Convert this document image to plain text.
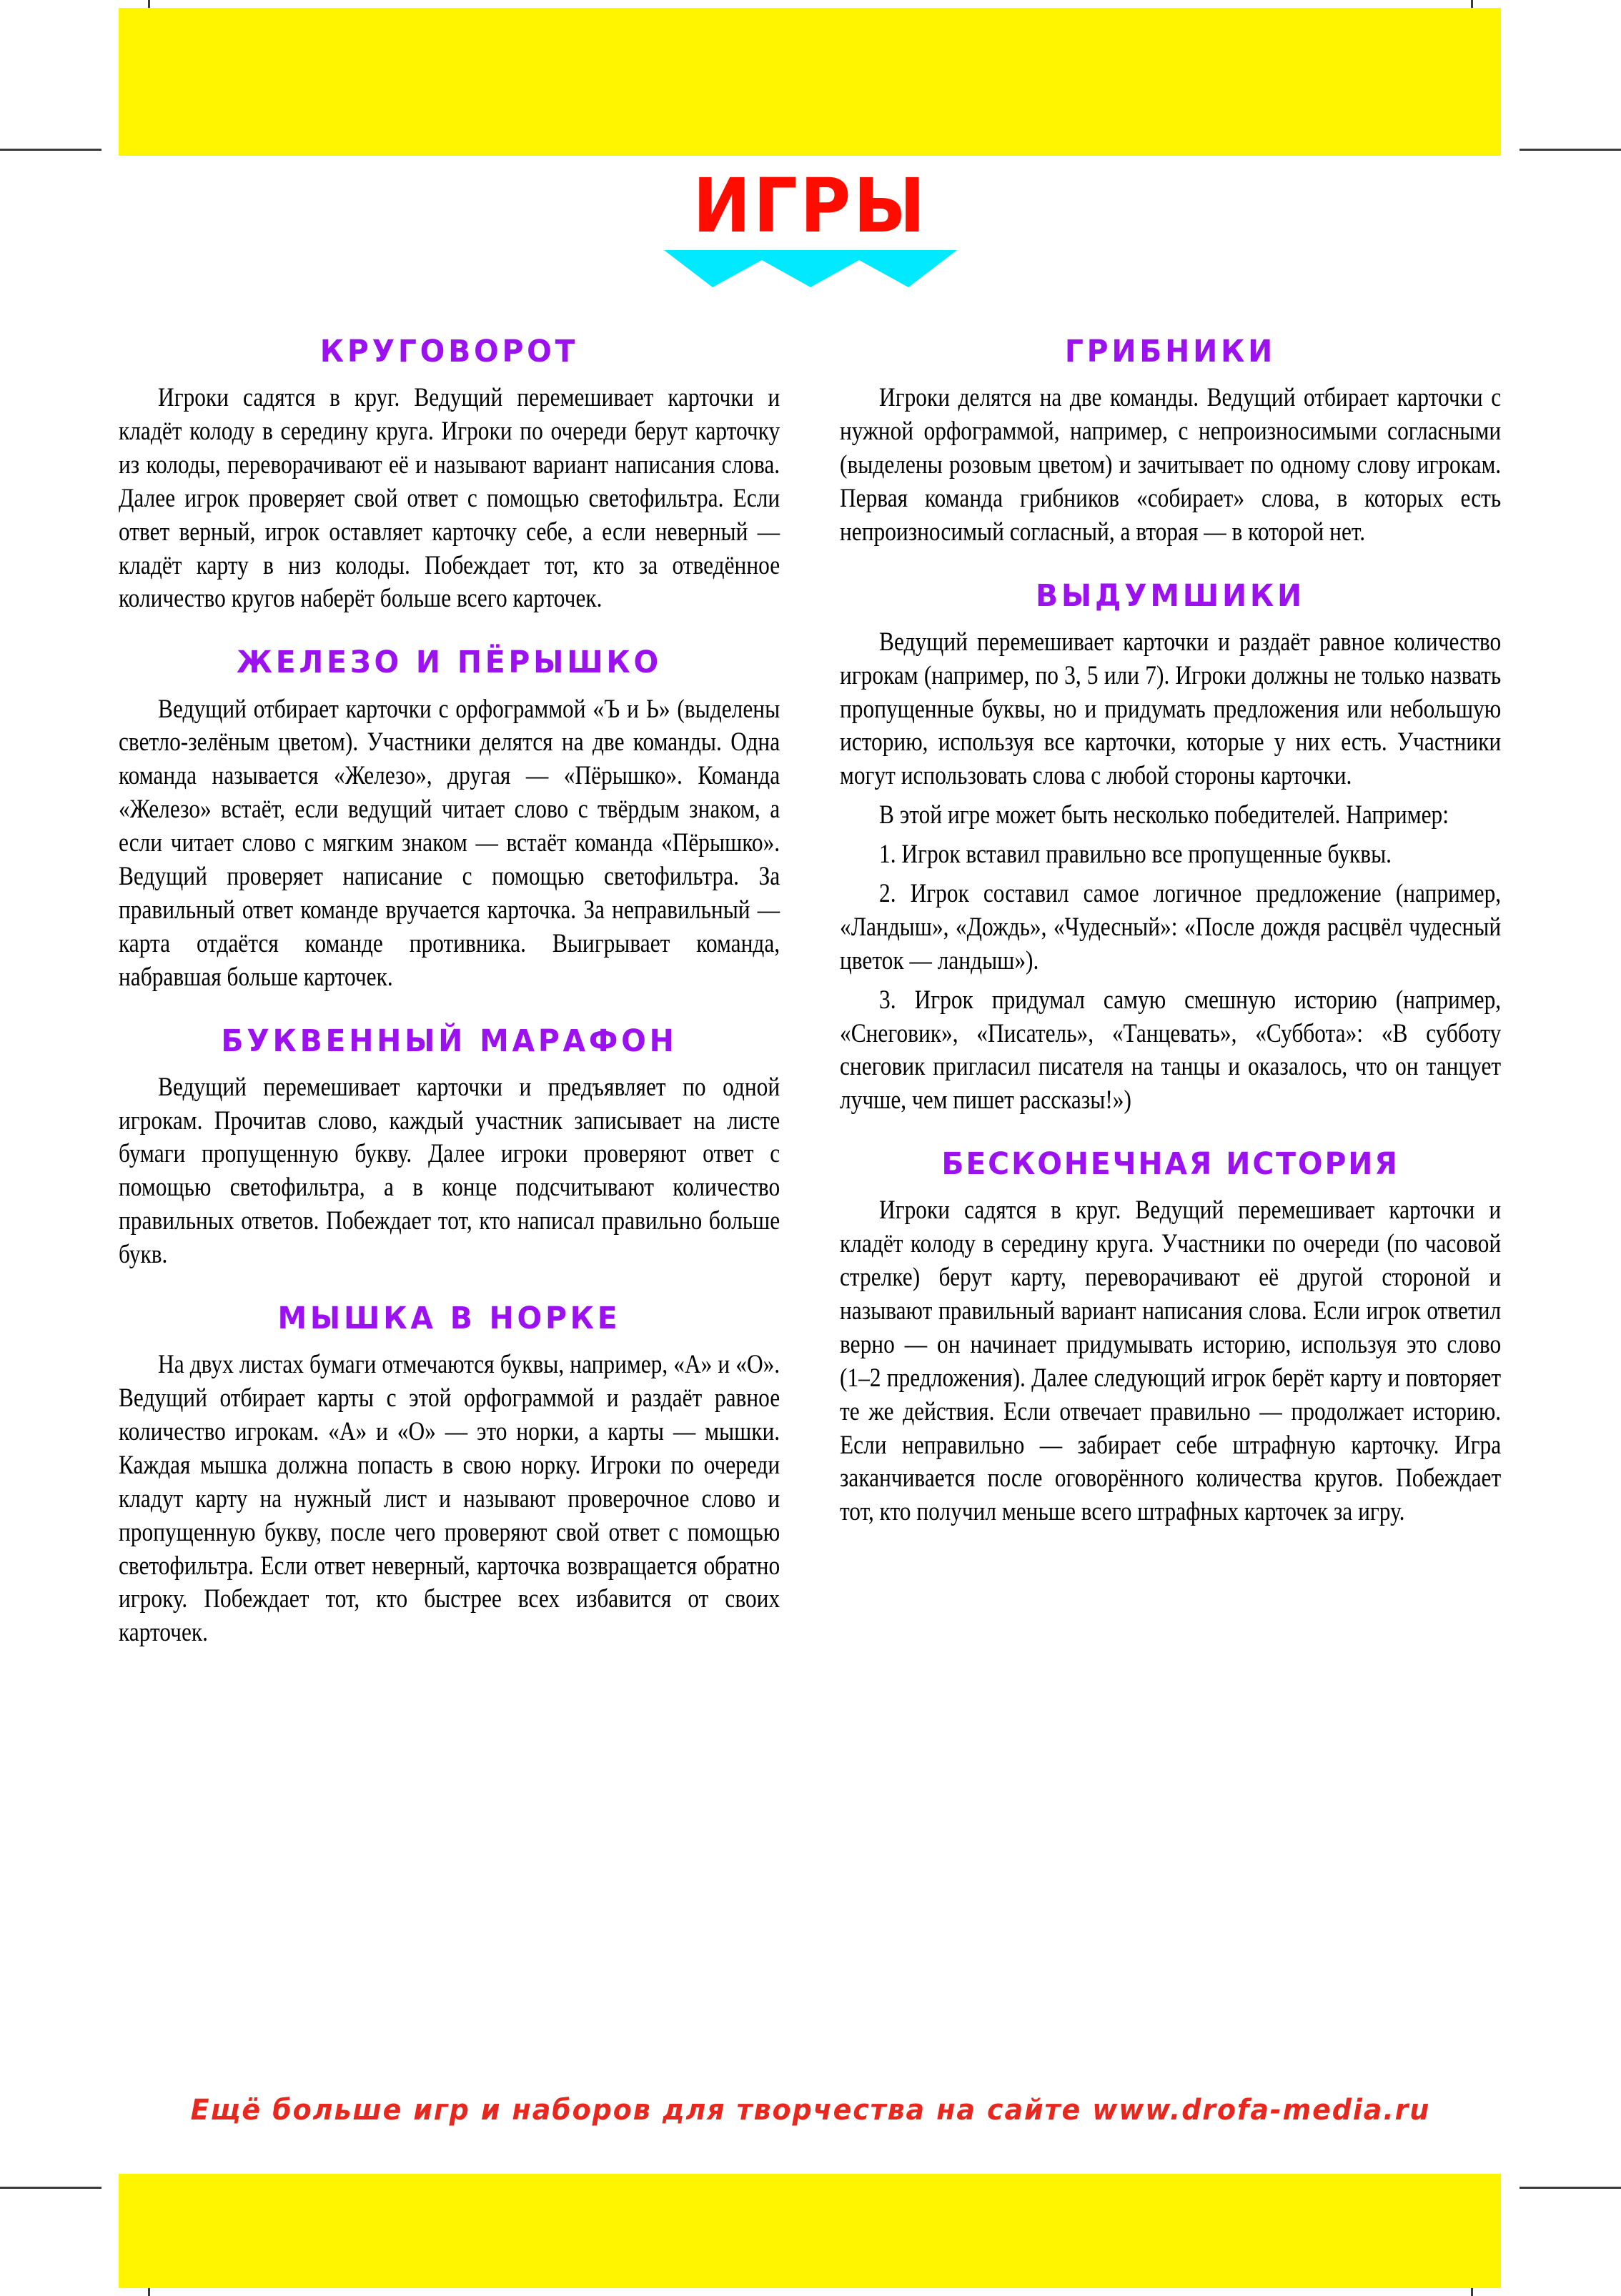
ИГРЫ
КРУГОВОРОТ

Игроки садятся в круг. Ведущий перемешивает карточки и кладёт колоду в середину круга. Игроки по очереди берут карточку из колоды, переворачивают её и называют вариант написания слова. Далее игрок проверяет свой ответ с помощью светофильтра. Если ответ верный, игрок оставляет карточку себе, а если неверный — кладёт карту в низ колоды. Побеждает тот, кто за отведённое количество кругов наберёт больше всего карточек.

ЖЕЛЕЗО И ПЁРЫШКО

Ведущий отбирает карточки с орфограммой «Ъ и Ь» (выделены светло-зелёным цветом). Участники делятся на две команды. Одна команда называется «Железо», другая — «Пёрышко». Команда «Железо» встаёт, если ведущий читает слово с твёрдым знаком, а если читает слово с мягким знаком — встаёт команда «Пёрышко». Ведущий проверяет написание с помощью светофильтра. За правильный ответ команде вручается карточка. За неправильный — карта отдаётся команде противника. Выигрывает команда, набравшая больше карточек.

БУКВЕННЫЙ МАРАФОН

Ведущий перемешивает карточки и предъявляет по одной игрокам. Прочитав слово, каждый участник записывает на листе бумаги пропущенную букву. Далее игроки проверяют ответ с помощью светофильтра, а в конце подсчитывают количество правильных ответов. Побеждает тот, кто написал правильно больше букв.

МЫШКА В НОРКЕ

На двух листах бумаги отмечаются буквы, например, «А» и «О». Ведущий отбирает карты с этой орфограммой и раздаёт равное количество игрокам. «А» и «О» — это норки, а карты — мышки. Каждая мышка должна попасть в свою норку. Игроки по очереди кладут карту на нужный лист и называют проверочное слово и пропущенную букву, после чего проверяют свой ответ с помощью светофильтра. Если ответ неверный, карточка возвращается обратно игроку. Побеждает тот, кто быстрее всех избавится от своих карточек.

ГРИБНИКИ

Игроки делятся на две команды. Ведущий отбирает карточки с нужной орфограммой, например, с непроизносимыми согласными (выделены розовым цветом) и зачитывает по одному слову игрокам. Первая команда грибников «собирает» слова, в которых есть непроизносимый согласный, а вторая — в которой нет.

ВЫДУМШИКИ

Ведущий перемешивает карточки и раздаёт равное количество игрокам (например, по 3, 5 или 7). Игроки должны не только назвать пропущенные буквы, но и придумать предложения или небольшую историю, используя все карточки, которые у них есть. Участники могут использовать слова с любой стороны карточки.

В этой игре может быть несколько победителей. Например:

1. Игрок вставил правильно все пропущенные буквы.

2. Игрок составил самое логичное предложение (например, «Ландыш», «Дождь», «Чудесный»: «После дождя расцвёл чудесный цветок — ландыш»).

3. Игрок придумал самую смешную историю (например, «Снеговик», «Писатель», «Танцевать», «Суббота»: «В субботу снеговик пригласил писателя на танцы и оказалось, что он танцует лучше, чем пишет рассказы!»)

БЕСКОНЕЧНАЯ ИСТОРИЯ

Игроки садятся в круг. Ведущий перемешивает карточки и кладёт колоду в середину круга. Участники по очереди (по часовой стрелке) берут карту, переворачивают её другой стороной и называют правильный вариант написания слова. Если игрок ответил верно — он начинает придумывать историю, используя это слово (1–2 предложения). Далее следующий игрок берёт карту и повторяет те же действия. Если отвечает правильно — продолжает историю. Если неправильно — забирает себе штрафную карточку. Игра заканчивается после оговорённого количества кругов. Побеждает тот, кто получил меньше всего штрафных карточек за игру.

Ещё больше игр и наборов для творчества на сайте www.drofa-media.ru
